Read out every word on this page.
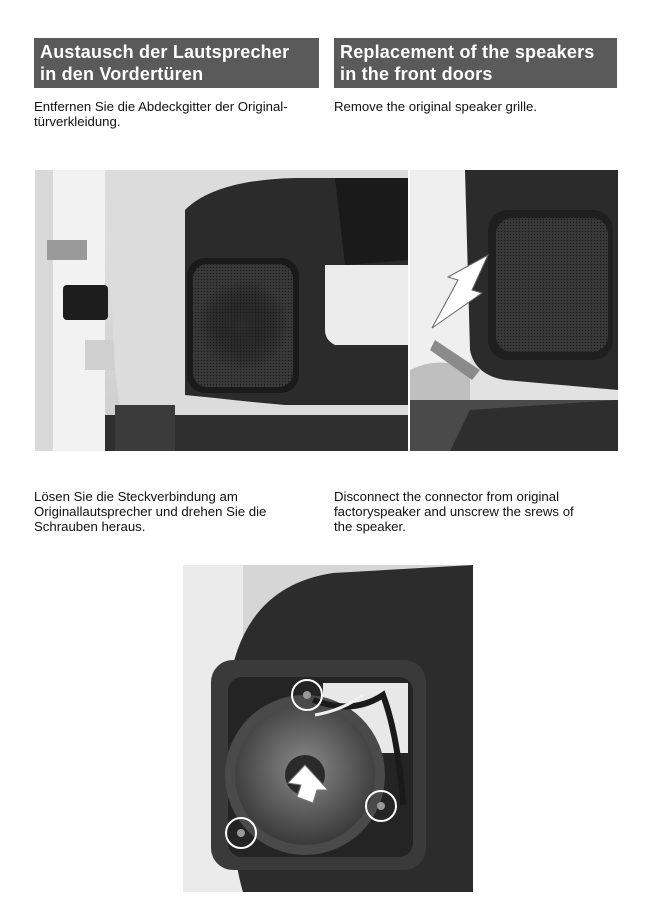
Austausch der Lautsprecher
in den Vordertüren
Replacement of the speakers
in the front doors
Entfernen Sie die Abdeckgitter der Original-
türverkleidung.
Remove the original speaker grille.
Lösen Sie die Steckverbindung am
Originallautsprecher und drehen Sie die
Schrauben heraus.
Disconnect the connector from original
factoryspeaker and unscrew the srews of
the speaker.
